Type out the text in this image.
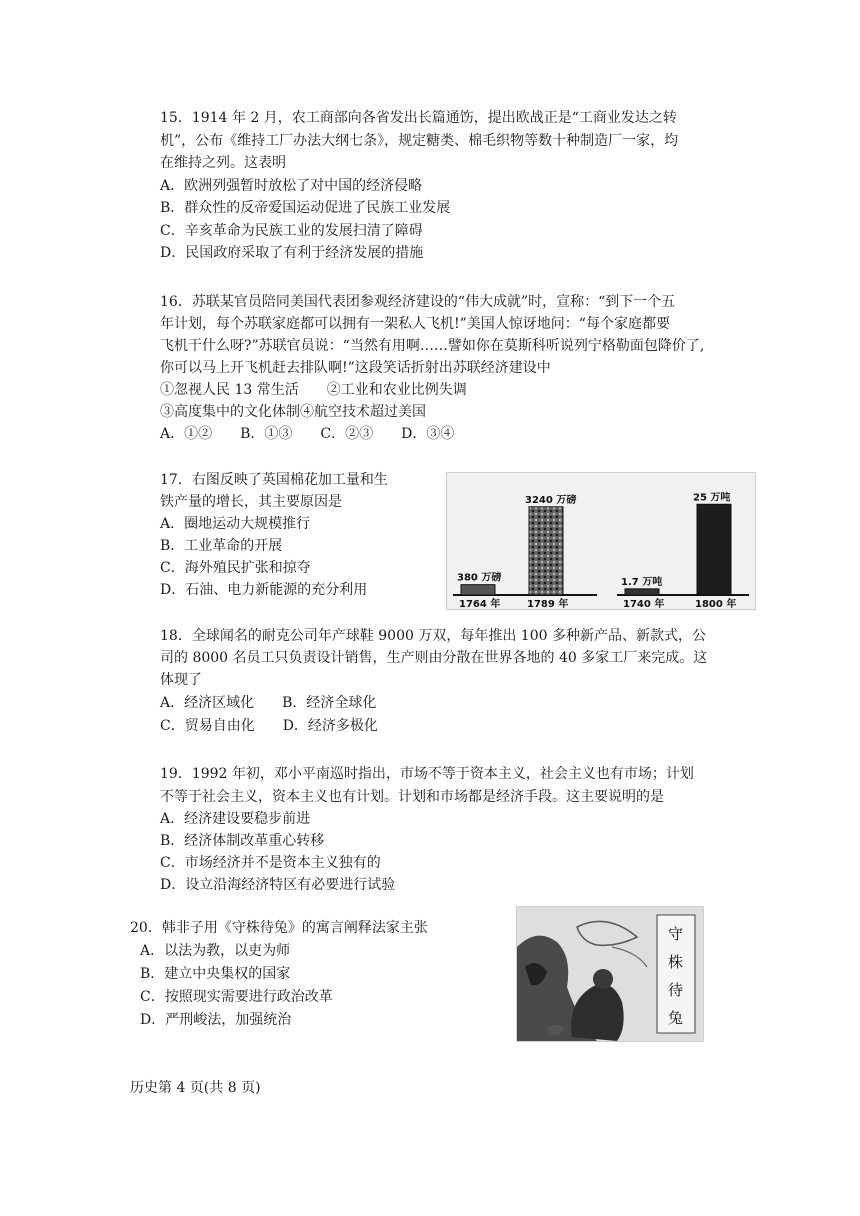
15．1914 年 2 月，农工商部向各省发出长篇通饬，提出欧战正是“工商业发达之转
机”，公布《维持工厂办法大纲七条》，规定糖类、棉毛织物等数十种制造厂一家，均
在维持之列。这表明
A．欧洲列强暂时放松了对中国的经济侵略
B．群众性的反帝爱国运动促进了民族工业发展
C．辛亥革命为民族工业的发展扫清了障碍
D．民国政府采取了有利于经济发展的措施
16．苏联某官员陪同美国代表团参观经济建设的“伟大成就”时，宣称：“到下一个五
年计划，每个苏联家庭都可以拥有一架私人飞机!”美国人惊讶地问：“每个家庭都要
飞机干什么呀?”苏联官员说：“当然有用啊……譬如你在莫斯科听说列宁格勒面包降价了,
你可以马上开飞机赶去排队啊!”这段笑话折射出苏联经济建设中
①忽视人民 13 常生活　　②工业和农业比例失调
③高度集中的文化体制④航空技术超过美国
A．①②　　B．①③　　C．②③　　D．③④
17．右图反映了英国棉花加工量和生
铁产量的增长，其主要原因是
A．圈地运动大规模推行
B．工业革命的开展
C．海外殖民扩张和掠夺
D．石油、电力新能源的充分利用
380 万磅
1764 年
3240 万磅
1789 年
1.7 万吨
1740 年
25 万吨
1800 年
18．全球闻名的耐克公司年产球鞋 9000 万双，每年推出 100 多种新产品、新款式，公
司的 8000 名员工只负责设计销售，生产则由分散在世界各地的 40 多家工厂来完成。这
体现了
A．经济区域化　　B．经济全球化
C．贸易自由化　　D．经济多极化
19．1992 年初，邓小平南巡时指出，市场不等于资本主义，社会主义也有市场；计划
不等于社会主义，资本主义也有计划。计划和市场都是经济手段。这主要说明的是
A．经济建设要稳步前进
B．经济体制改革重心转移
C．市场经济并不是资本主义独有的
D．设立沿海经济特区有必要进行试验
20．韩非子用《守株待兔》的寓言阐释法家主张
A．以法为教，以吏为师
B．建立中央集权的国家
C．按照现实需要进行政治改革
D．严刑峻法，加强统治
守
株
待
兔
历史第 4 页(共 8 页)
